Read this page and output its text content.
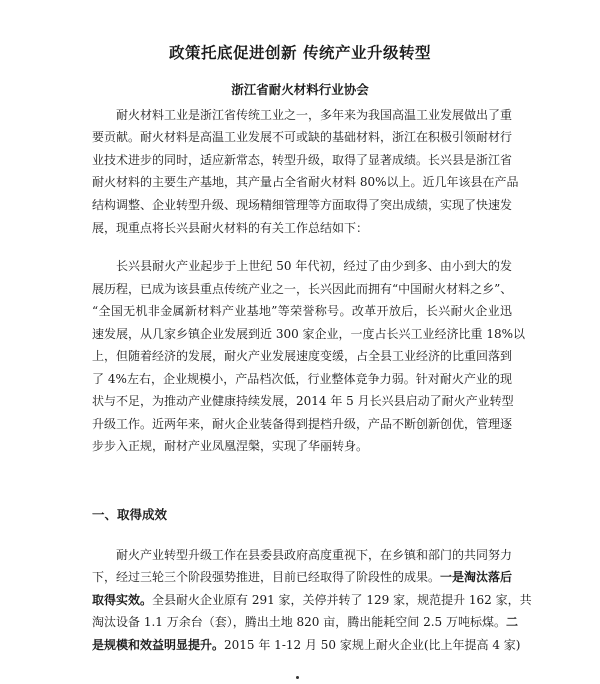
政策托底促进创新 传统产业升级转型
浙江省耐火材料行业协会
耐火材料工业是浙江省传统工业之一，多年来为我国高温工业发展做出了重
要贡献。耐火材料是高温工业发展不可或缺的基础材料，浙江在积极引领耐材行
业技术进步的同时，适应新常态，转型升级，取得了显著成绩。长兴县是浙江省
耐火材料的主要生产基地，其产量占全省耐火材料 80%以上。近几年该县在产品
结构调整、企业转型升级、现场精细管理等方面取得了突出成绩，实现了快速发
展，现重点将长兴县耐火材料的有关工作总结如下：
长兴县耐火产业起步于上世纪 50 年代初，经过了由少到多、由小到大的发
展历程，已成为该县重点传统产业之一，长兴因此而拥有“中国耐火材料之乡”、
“全国无机非金属新材料产业基地”等荣誉称号。改革开放后，长兴耐火企业迅
速发展，从几家乡镇企业发展到近 300 家企业，一度占长兴工业经济比重 18%以
上，但随着经济的发展，耐火产业发展速度变缓，占全县工业经济的比重回落到
了 4%左右，企业规模小，产品档次低，行业整体竞争力弱。针对耐火产业的现
状与不足，为推动产业健康持续发展，2014 年 5 月长兴县启动了耐火产业转型
升级工作。近两年来，耐火企业装备得到提档升级，产品不断创新创优，管理逐
步步入正规，耐材产业凤凰涅槃，实现了华丽转身。
一、取得成效
耐火产业转型升级工作在县委县政府高度重视下，在乡镇和部门的共同努力
下，经过三轮三个阶段强势推进，目前已经取得了阶段性的成果。一是淘汰落后
取得实效。全县耐火企业原有 291 家，关停并转了 129 家，规范提升 162 家，共
淘汰设备 1.1 万余台（套），腾出土地 820 亩，腾出能耗空间 2.5 万吨标煤。二
是规模和效益明显提升。2015 年 1-12 月 50 家规上耐火企业(比上年提高 4 家)
